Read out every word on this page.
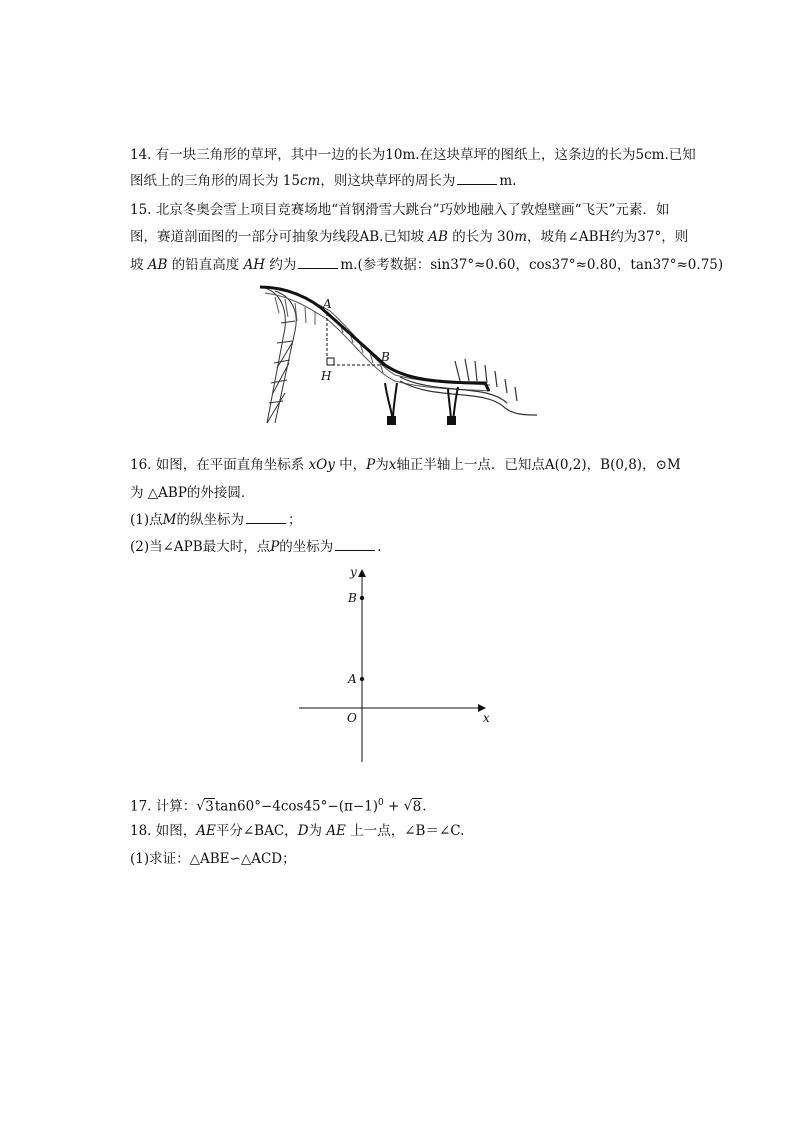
14. 有一块三角形的草坪，其中一边的长为10m.在这块草坪的图纸上，这条边的长为5cm.已知
图纸上的三角形的周长为 15cm，则这块草坪的周长为	m.
15. 北京冬奥会雪上项目竞赛场地“首钢滑雪大跳台”巧妙地融入了敦煌壁画“飞天”元素．如
图，赛道剖面图的一部分可抽象为线段AB.已知坡 AB 的长为 30m，坡角∠ABH约为37°，则
坡 AB 的铅直高度 AH 约为	m.(参考数据：sin37°≈0.60，cos37°≈0.80，tan37°≈0.75)
A
B
H
16. 如图，在平面直角坐标系 xOy 中，P为x轴正半轴上一点．已知点A(0,2)，B(0,8)，⊙M
为 △ABP的外接圆．
(1)点M的纵坐标为	；
(2)当∠APB最大时，点P的坐标为	.
y
x
O
A
B
17. 计算： √ $3\tan 60^\circ-4\cos 45^\circ-(\pi-1)^0$ + √ 8.
18. 如图，AE平分∠BAC，D为 AE 上一点，∠B＝∠C.
(1)求证：△ABE∽△ACD；
